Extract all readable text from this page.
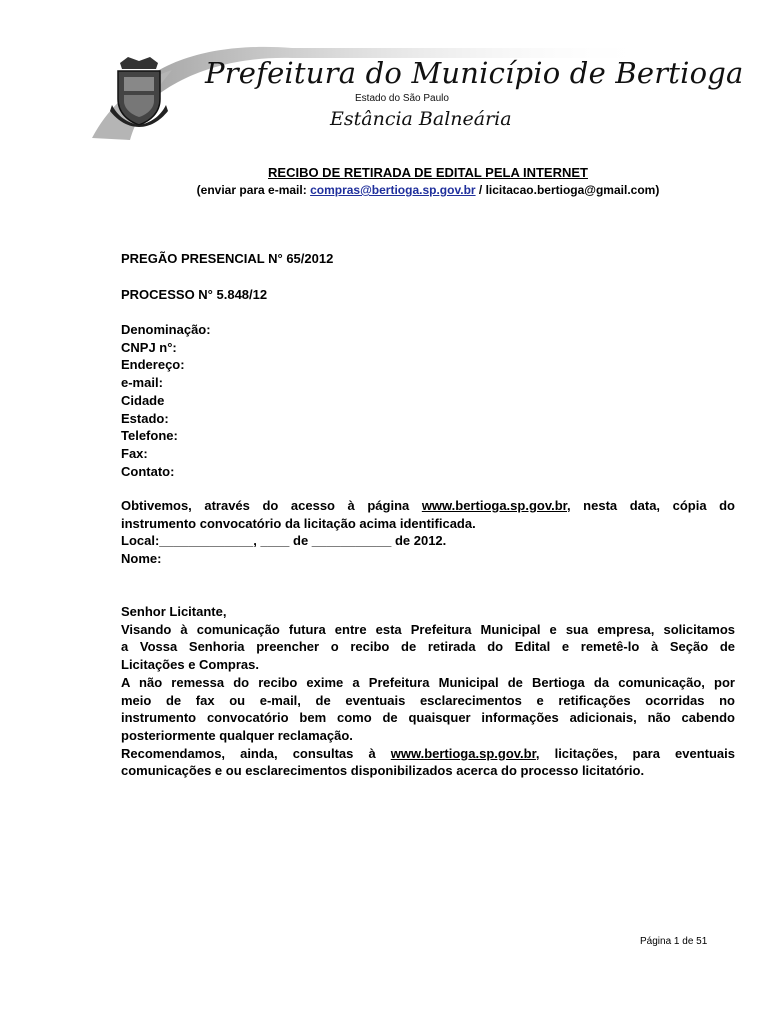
Prefeitura do Município de Bertioga
Estado do São Paulo
Estância Balneária
RECIBO DE RETIRADA DE EDITAL PELA INTERNET
(enviar para e-mail: compras@bertioga.sp.gov.br / licitacao.bertioga@gmail.com)
PREGÃO PRESENCIAL N° 65/2012
PROCESSO N° 5.848/12
Denominação:
CNPJ n°:
Endereço:
e-mail:
Cidade
Estado:
Telefone:
Fax:
Contato:
Obtivemos, através do acesso à página www.bertioga.sp.gov.br, nesta data, cópia do
instrumento convocatório da licitação acima identificada.
Local:_____________, ____ de ___________ de 2012.
Nome:
Senhor Licitante,
Visando à comunicação futura entre esta Prefeitura Municipal e sua empresa, solicitamos
a Vossa Senhoria preencher o recibo de retirada do Edital e remetê-lo à Seção de
Licitações e Compras.
A não remessa do recibo exime a Prefeitura Municipal de Bertioga da comunicação, por
meio de fax ou e-mail, de eventuais esclarecimentos e retificações ocorridas no
instrumento convocatório bem como de quaisquer informações adicionais, não cabendo
posteriormente qualquer reclamação.
Recomendamos, ainda, consultas à www.bertioga.sp.gov.br, licitações, para eventuais
comunicações e ou esclarecimentos disponibilizados acerca do processo licitatório.
Página 1 de 51
